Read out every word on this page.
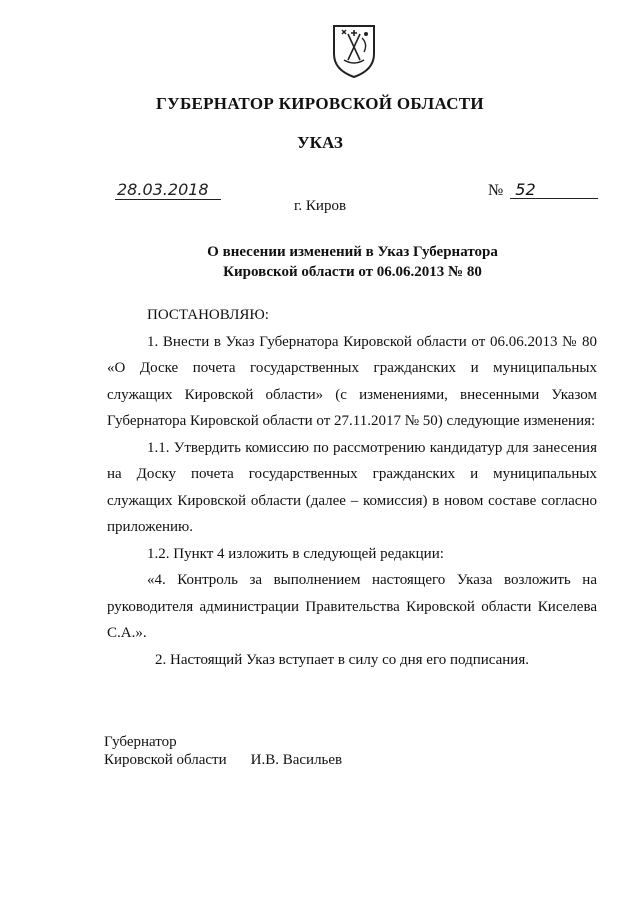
ГУБЕРНАТОР КИРОВСКОЙ ОБЛАСТИ
УКАЗ
28.03.2018	№ 52
г. Киров
О внесении изменений в Указ Губернатора
Кировской области от 06.06.2013 № 80

ПОСТАНОВЛЯЮ:

1. Внести в Указ Губернатора Кировской области от 06.06.2013 № 80 «О Доске почета государственных гражданских и муниципальных служащих Кировской области» (с изменениями, внесенными Указом Губернатора Кировской области от 27.11.2017 № 50) следующие изменения:

1.1. Утвердить комиссию по рассмотрению кандидатур для занесения на Доску почета государственных гражданских и муниципальных служащих Кировской области (далее – комиссия) в новом составе согласно приложению.

1.2. Пункт 4 изложить в следующей редакции:

«4. Контроль за выполнением настоящего Указа возложить на руководителя администрации Правительства Кировской области Киселева С.А.».

2. Настоящий Указ вступает в силу со дня его подписания.

Губернатор
Кировской области И.В. Васильев
